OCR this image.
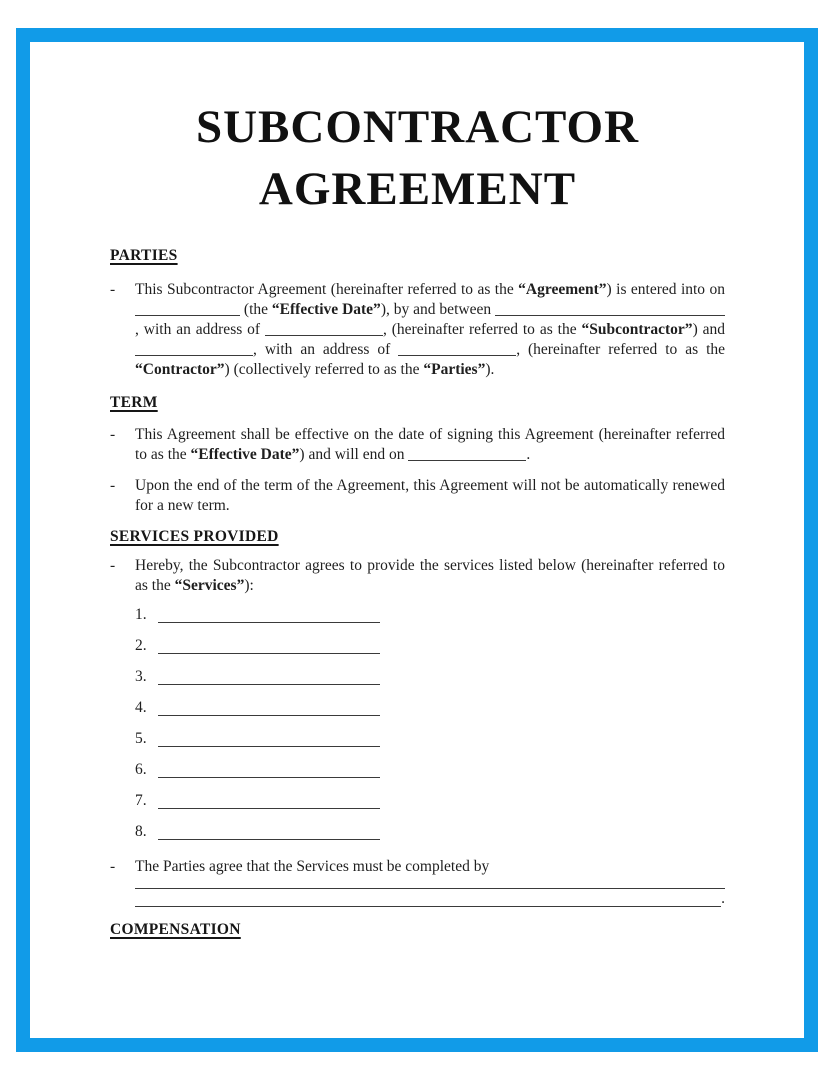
SUBCONTRACTOR
AGREEMENT
PARTIES
-	This Subcontractor Agreement (hereinafter referred to as the “Agreement”) is entered into on  (the “Effective Date”), by and between , with an address of	, (hereinafter referred to as the “Subcontractor”) and , with an address of	, (hereinafter referred to as the “Contractor”) (collectively referred to as the “Parties”).
TERM
-	This Agreement shall be effective on the date of signing this Agreement (hereinafter referred to as the “Effective Date”) and will end on	.
-	Upon the end of the term of the Agreement, this Agreement will not be automatically renewed for a new term.
SERVICES PROVIDED
-	Hereby, the Subcontractor agrees to provide the services listed below (hereinafter referred to as the “Services”):
1.
2.
3.
4.
5.
6.
7.
8.
-	The Parties agree that the Services must be completed by
.
COMPENSATION
